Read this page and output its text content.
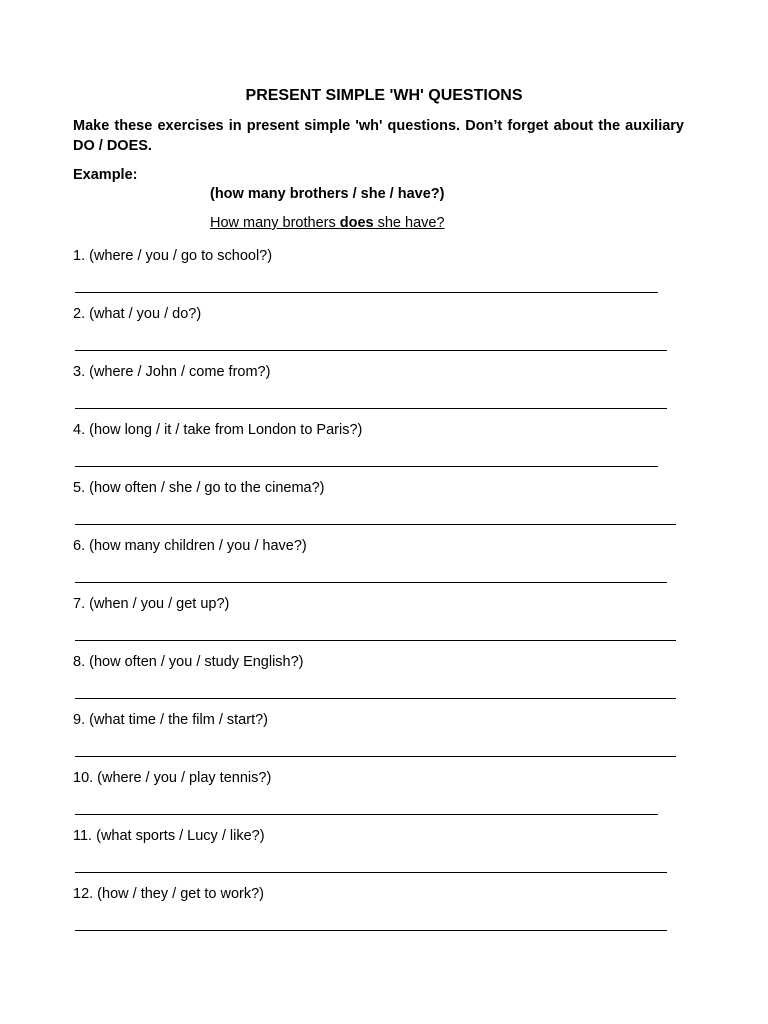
PRESENT SIMPLE 'WH' QUESTIONS
Make these exercises in present simple 'wh' questions. Don’t forget about the auxiliary DO / DOES.
Example:
(how many brothers / she / have?)
How many brothers does she have?
1. (where / you / go to school?)
2. (what / you / do?)
3. (where / John / come from?)
4. (how long / it / take from London to Paris?)
5. (how often / she / go to the cinema?)
6. (how many children / you / have?)
7. (when / you / get up?)
8. (how often / you / study English?)
9. (what time / the film / start?)
10. (where / you / play tennis?)
11. (what sports / Lucy / like?)
12. (how / they / get to work?)
